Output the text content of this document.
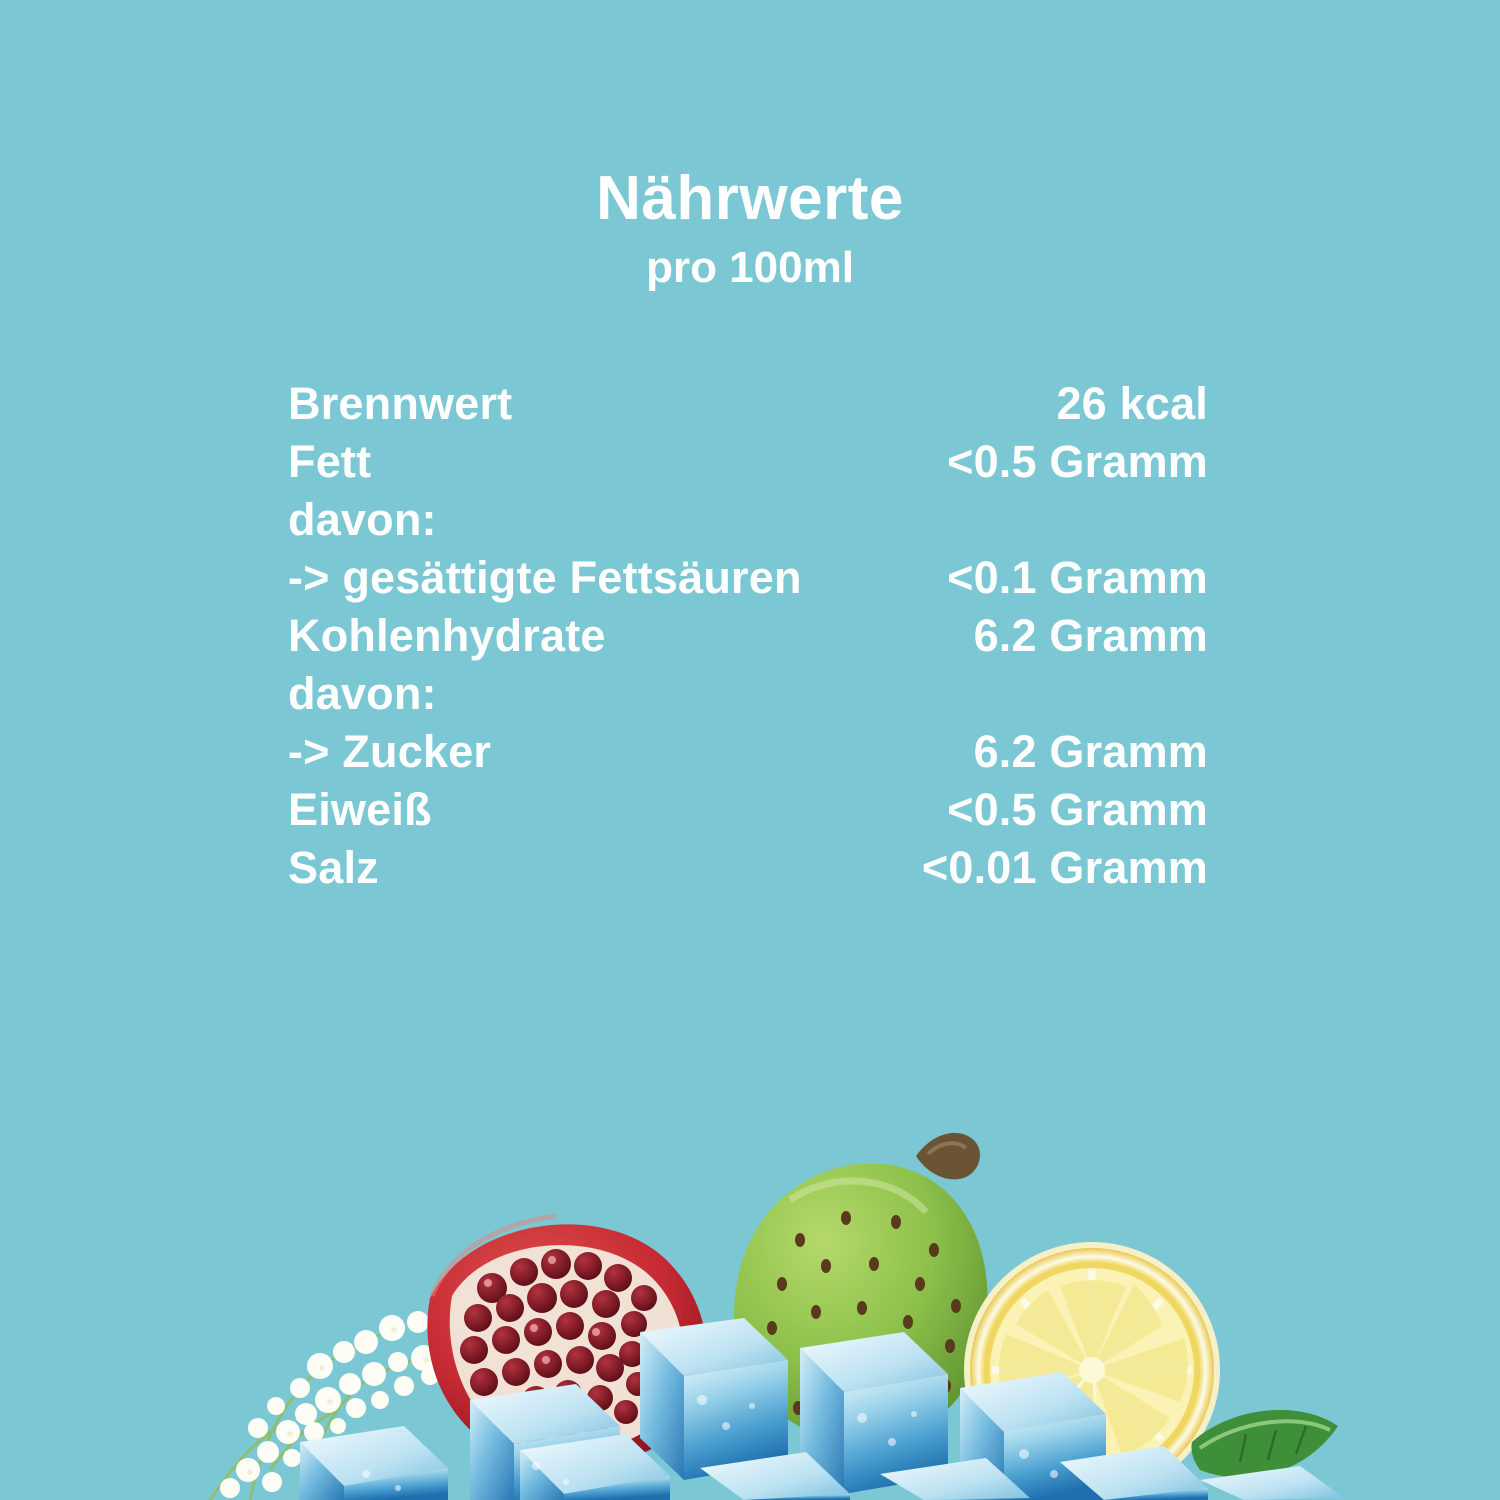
Nährwerte
pro 100ml
Brennwert	26 kcal
Fett	<0.5 Gramm
davon:
-> gesättigte Fettsäuren	<0.1 Gramm
Kohlenhydrate	6.2 Gramm
davon:
-> Zucker	6.2 Gramm
Eiweiß	<0.5 Gramm
Salz	<0.01 Gramm
